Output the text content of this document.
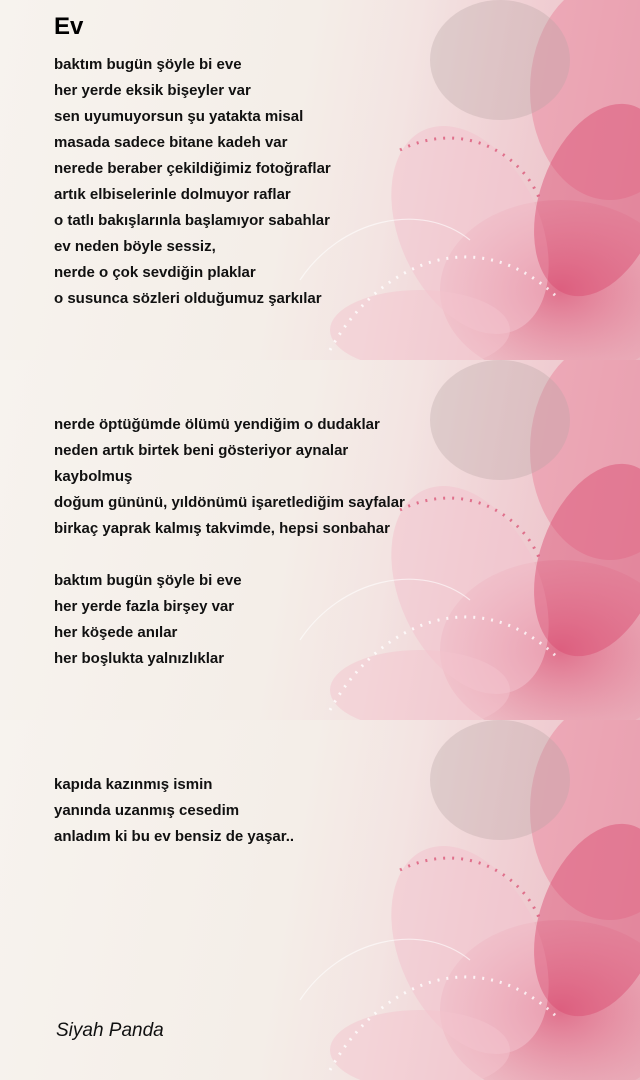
Ev
baktım bugün şöyle bi eve
her yerde eksik bişeyler var
sen uyumuyorsun şu yatakta misal
masada sadece bitane kadeh var
nerede beraber çekildiğimiz fotoğraflar
artık elbiselerinle dolmuyor raflar
o tatlı bakışlarınla başlamıyor sabahlar
ev neden böyle sessiz,
nerde o çok sevdiğin plaklar
o susunca sözleri olduğumuz şarkılar
nerde öptüğümde ölümü yendiğim o dudaklar
neden artık birtek beni gösteriyor aynalar
kaybolmuş
doğum gününü, yıldönümü işaretlediğim sayfalar
birkaç yaprak kalmış takvimde, hepsi sonbahar
baktım bugün şöyle bi eve
her yerde fazla birşey var
her köşede anılar
her boşlukta yalnızlıklar
kapıda kazınmış ismin
yanında uzanmış cesedim
anladım ki bu ev bensiz de yaşar..
Siyah Panda
